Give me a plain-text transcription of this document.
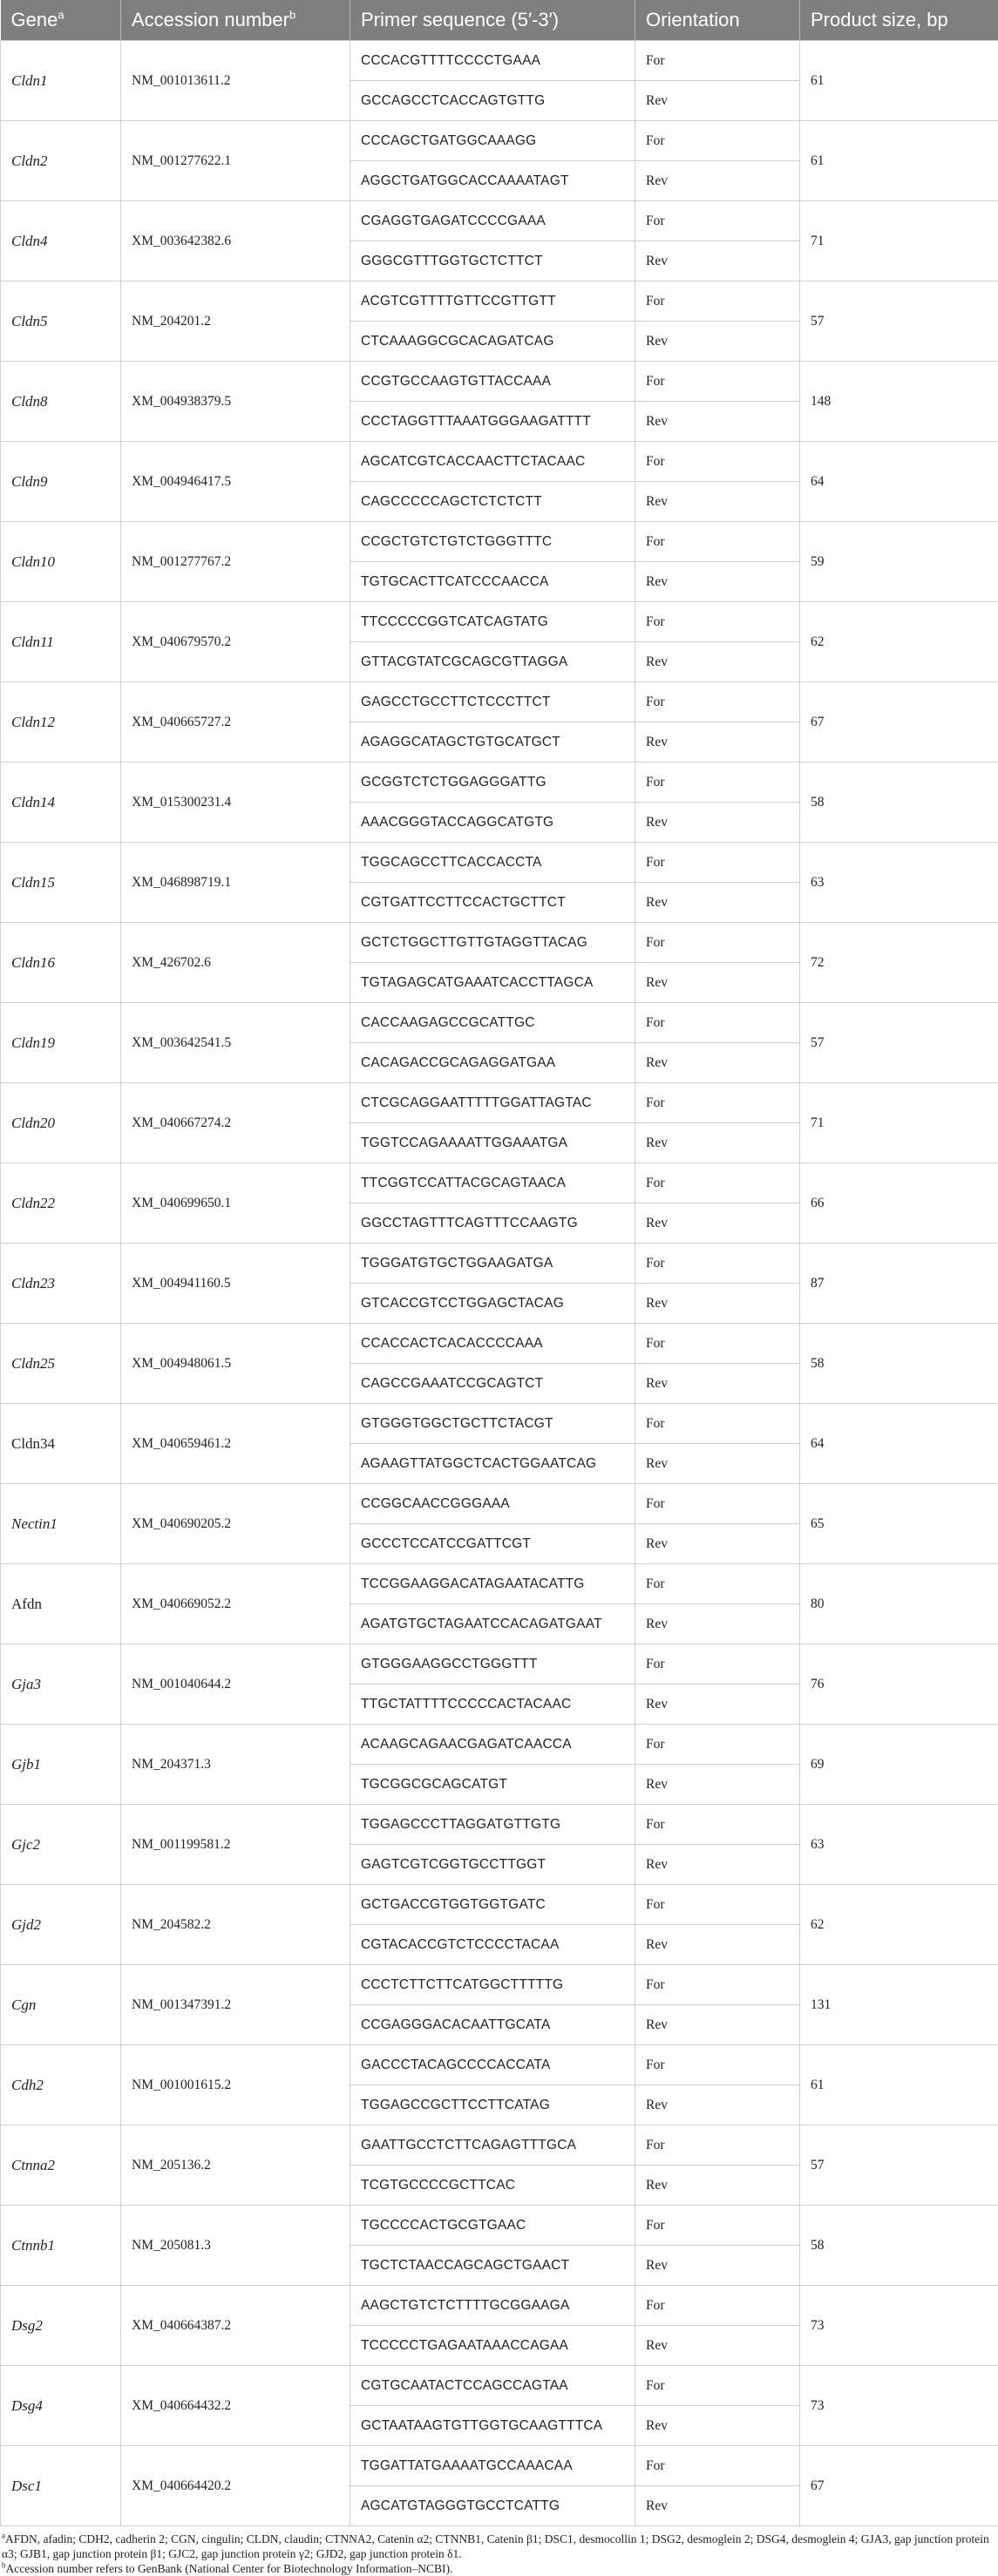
Gene$^a$	Accession number$^b$	Primer sequence (5′-3′)	Orientation	Product size, bp
Cldn1	NM_001013611.2	CCCACGTTTTCCCCTGAAA	For	61
		GCCAGCCTCACCAGTGTTG	Rev	
Cldn2	NM_001277622.1	CCCAGCTGATGGCAAAGG	For	61
		AGGCTGATGGCACCAAAATAGT	Rev	
Cldn4	XM_003642382.6	CGAGGTGAGATCCCCGAAA	For	71
		GGGCGTTTGGTGCTCTTCT	Rev	
Cldn5	NM_204201.2	ACGTCGTTTTGTTCCGTTGTT	For	57
		CTCAAAGGCGCACAGATCAG	Rev	
Cldn8	XM_004938379.5	CCGTGCCAAGTGTTACCAAA	For	148
		CCCTAGGTTTAAATGGGAAGATTTT	Rev	
Cldn9	XM_004946417.5	AGCATCGTCACCAACTTCTACAAC	For	64
		CAGCCCCCAGCTCTCTCTT	Rev	
Cldn10	NM_001277767.2	CCGCTGTCTGTCTGGGTTTC	For	59
		TGTGCACTTCATCCCAACCA	Rev	
Cldn11	XM_040679570.2	TTCCCCCGGTCATCAGTATG	For	62
		GTTACGTATCGCAGCGTTAGGA	Rev	
Cldn12	XM_040665727.2	GAGCCTGCCTTCTCCCTTCT	For	67
		AGAGGCATAGCTGTGCATGCT	Rev	
Cldn14	XM_015300231.4	GCGGTCTCTGGAGGGATTG	For	58
		AAACGGGTACCAGGCATGTG	Rev	
Cldn15	XM_046898719.1	TGGCAGCCTTCACCACCTA	For	63
		CGTGATTCCTTCCACTGCTTCT	Rev	
Cldn16	XM_426702.6	GCTCTGGCTTGTTGTAGGTTACAG	For	72
		TGTAGAGCATGAAATCACCTTAGCA	Rev	
Cldn19	XM_003642541.5	CACCAAGAGCCGCATTGC	For	57
		CACAGACCGCAGAGGATGAA	Rev	
Cldn20	XM_040667274.2	CTCGCAGGAATTTTTGGATTAGTAC	For	71
		TGGTCCAGAAAATTGGAAATGA	Rev	
Cldn22	XM_040699650.1	TTCGGTCCATTACGCAGTAACA	For	66
		GGCCTAGTTTCAGTTTCCAAGTG	Rev	
Cldn23	XM_004941160.5	TGGGATGTGCTGGAAGATGA	For	87
		GTCACCGTCCTGGAGCTACAG	Rev	
Cldn25	XM_004948061.5	CCACCACTCACACCCCAAA	For	58
		CAGCCGAAATCCGCAGTCT	Rev	
Cldn34	XM_040659461.2	GTGGGTGGCTGCTTCTACGT	For	64
		AGAAGTTATGGCTCACTGGAATCAG	Rev	
Nectin1	XM_040690205.2	CCGGCAACCGGGAAA	For	65
		GCCCTCCATCCGATTCGT	Rev	
Afdn	XM_040669052.2	TCCGGAAGGACATAGAATACATTG	For	80
		AGATGTGCTAGAATCCACAGATGAAT	Rev	
Gja3	NM_001040644.2	GTGGGAAGGCCTGGGTTT	For	76
		TTGCTATTTTCCCCCACTACAAC	Rev	
Gjb1	NM_204371.3	ACAAGCAGAACGAGATCAACCA	For	69
		TGCGGCGCAGCATGT	Rev	
Gjc2	NM_001199581.2	TGGAGCCCTTAGGATGTTGTG	For	63
		GAGTCGTCGGTGCCTTGGT	Rev	
Gjd2	NM_204582.2	GCTGACCGTGGTGGTGATC	For	62
		CGTACACCGTCTCCCCTACAA	Rev	
Cgn	NM_001347391.2	CCCTCTTCTTCATGGCTTTTTG	For	131
		CCGAGGGACACAATTGCATA	Rev	
Cdh2	NM_001001615.2	GACCCTACAGCCCCACCATA	For	61
		TGGAGCCGCTTCCTTCATAG	Rev	
Ctnna2	NM_205136.2	GAATTGCCTCTTCAGAGTTTGCA	For	57
		TCGTGCCCCGCTTCAC	Rev	
Ctnnb1	NM_205081.3	TGCCCCACTGCGTGAAC	For	58
		TGCTCTAACCAGCAGCTGAACT	Rev	
Dsg2	XM_040664387.2	AAGCTGTCTCTTTTGCGGAAGA	For	73
		TCCCCCTGAGAATAAACCAGAA	Rev	
Dsg4	XM_040664432.2	CGTGCAATACTCCAGCCAGTAA	For	73
		GCTAATAAGTGTTGGTGCAAGTTTCA	Rev	
Dsc1	XM_040664420.2	TGGATTATGAAAATGCCAAACAA	For	67
		AGCATGTAGGGTGCCTCATTG	Rev	
$^a$AFDN, afadin; CDH2, cadherin 2; CGN, cingulin; CLDN, claudin; CTNNA2, Catenin α2; CTNNB1, Catenin β1; DSC1, desmocollin 1; DSG2, desmoglein 2; DSG4, desmoglein 4; GJA3, gap junction protein α3; GJB1, gap junction protein β1; GJC2, gap junction protein γ2; GJD2, gap junction protein δ1.
$^b$Accession number refers to GenBank (National Center for Biotechnology Information–NCBI).
